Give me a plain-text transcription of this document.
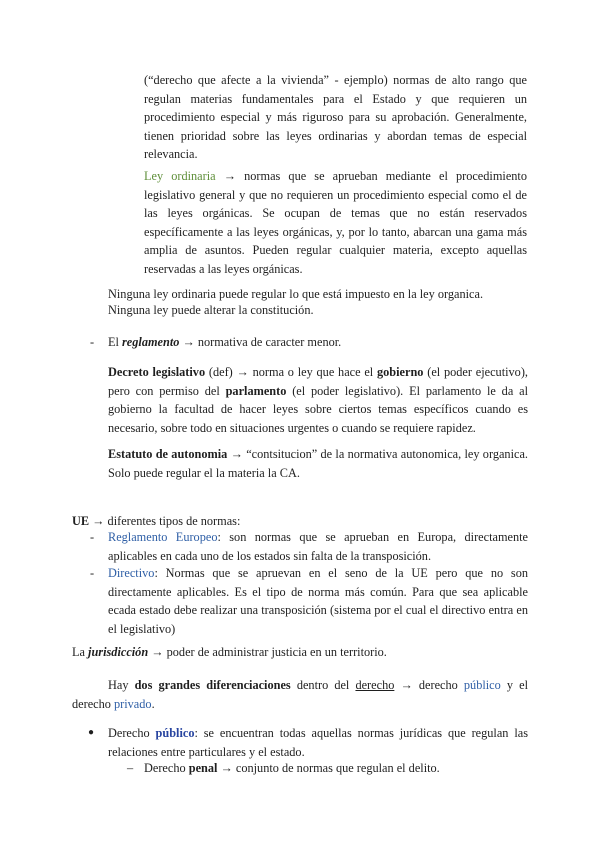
(“derecho que afecte a la vivienda” - ejemplo) normas de alto rango que regulan materias fundamentales para el Estado y que requieren un procedimiento especial y más riguroso para su aprobación. Generalmente, tienen prioridad sobre las leyes ordinarias y abordan temas de especial relevancia.
Ley ordinaria → normas que se aprueban mediante el procedimiento legislativo general y que no requieren un procedimiento especial como el de las leyes orgánicas. Se ocupan de temas que no están reservados específicamente a las leyes orgánicas, y, por lo tanto, abarcan una gama más amplia de asuntos. Pueden regular cualquier materia, excepto aquellas reservadas a las leyes orgánicas.
Ninguna ley ordinaria puede regular lo que está impuesto en la ley organica.
Ninguna ley puede alterar la constitución.
- El reglamento → normativa de caracter menor.
Decreto legislativo (def) → norma o ley que hace el gobierno (el poder ejecutivo), pero con permiso del parlamento (el poder legislativo). El parlamento le da al gobierno la facultad de hacer leyes sobre ciertos temas específicos cuando es necesario, sobre todo en situaciones urgentes o cuando se requiere rapidez.
Estatuto de autonomia → “contsitucion” de la normativa autonomica, ley organica. Solo puede regular el la materia la CA.
UE → diferentes tipos de normas:
- Reglamento Europeo: son normas que se aprueban en Europa, directamente aplicables en cada uno de los estados sin falta de la transposición.
- Directivo: Normas que se apruevan en el seno de la UE pero que no son directamente aplicables. Es el tipo de norma más común. Para que sea aplicable ecada estado debe realizar una transposición (sistema por el cual el directivo entra en el legislativo)
La jurisdicción → poder de administrar justicia en un territorio.
Hay dos grandes diferenciaciones dentro del derecho → derecho público y el derecho privado.
● Derecho público: se encuentran todas aquellas normas jurídicas que regulan las relaciones entre particulares y el estado.
– Derecho penal → conjunto de normas que regulan el delito.
